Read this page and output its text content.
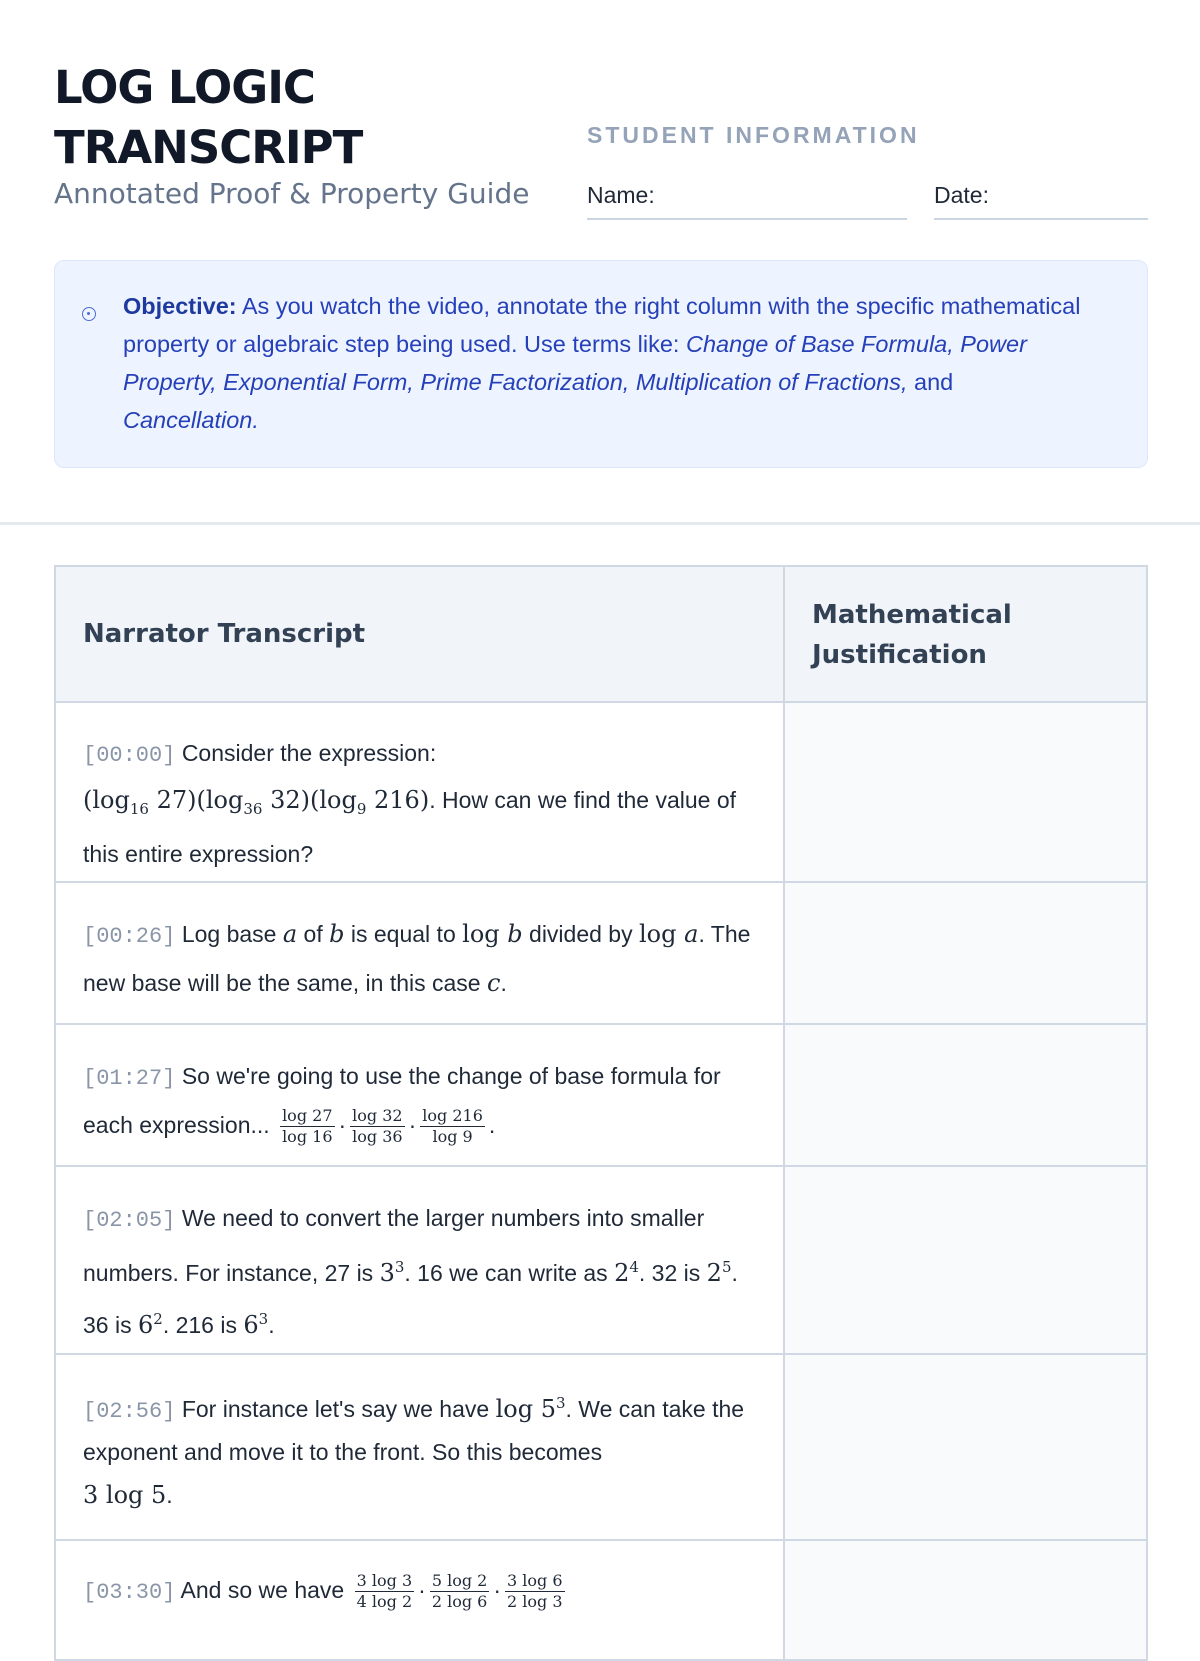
LOG LOGIC
TRANSCRIPT
Annotated Proof & Property Guide
STUDENT INFORMATION
Name:	Date:
Objective: As you watch the video, annotate the right column with the specific mathematical property or algebraic step being used. Use terms like: Change of Base Formula, Power Property, Exponential Form, Prime Factorization, Multiplication of Fractions, and Cancellation.
Narrator Transcript
Mathematical Justification
[00:00] Consider the expression:
($\log_{16}$ $27)(\log_{36}$ $32)(\log_9$ 216). How can we find the value of this entire expression?
[00:26] Log base a of b is equal to log b divided by log a. The new base will be the same, in this case c.
[01:27] So we're going to use the change of base formula for each expression... $\frac{\log 27}{\log 16} \cdot \frac{\log 32}{\log 36} \cdot \frac{\log 216}{\log 9}$ .
[02:05] We need to convert the larger numbers into smaller numbers. For instance, 27 is $3^3$. 16 we can write as $2^4$. 32 is $2^5$. 36 is $6^2$. 216 is $6^3$.
[02:56] For instance let's say we have $\log 5^3$. We can take the exponent and move it to the front. So this becomes
3 log 5.
[03:30] And so we have $\frac{3 \log 3}{4 \log 2} \cdot \frac{5 \log 2}{2 \log 6} \cdot \frac{3 \log 6}{2 \log 3}$
